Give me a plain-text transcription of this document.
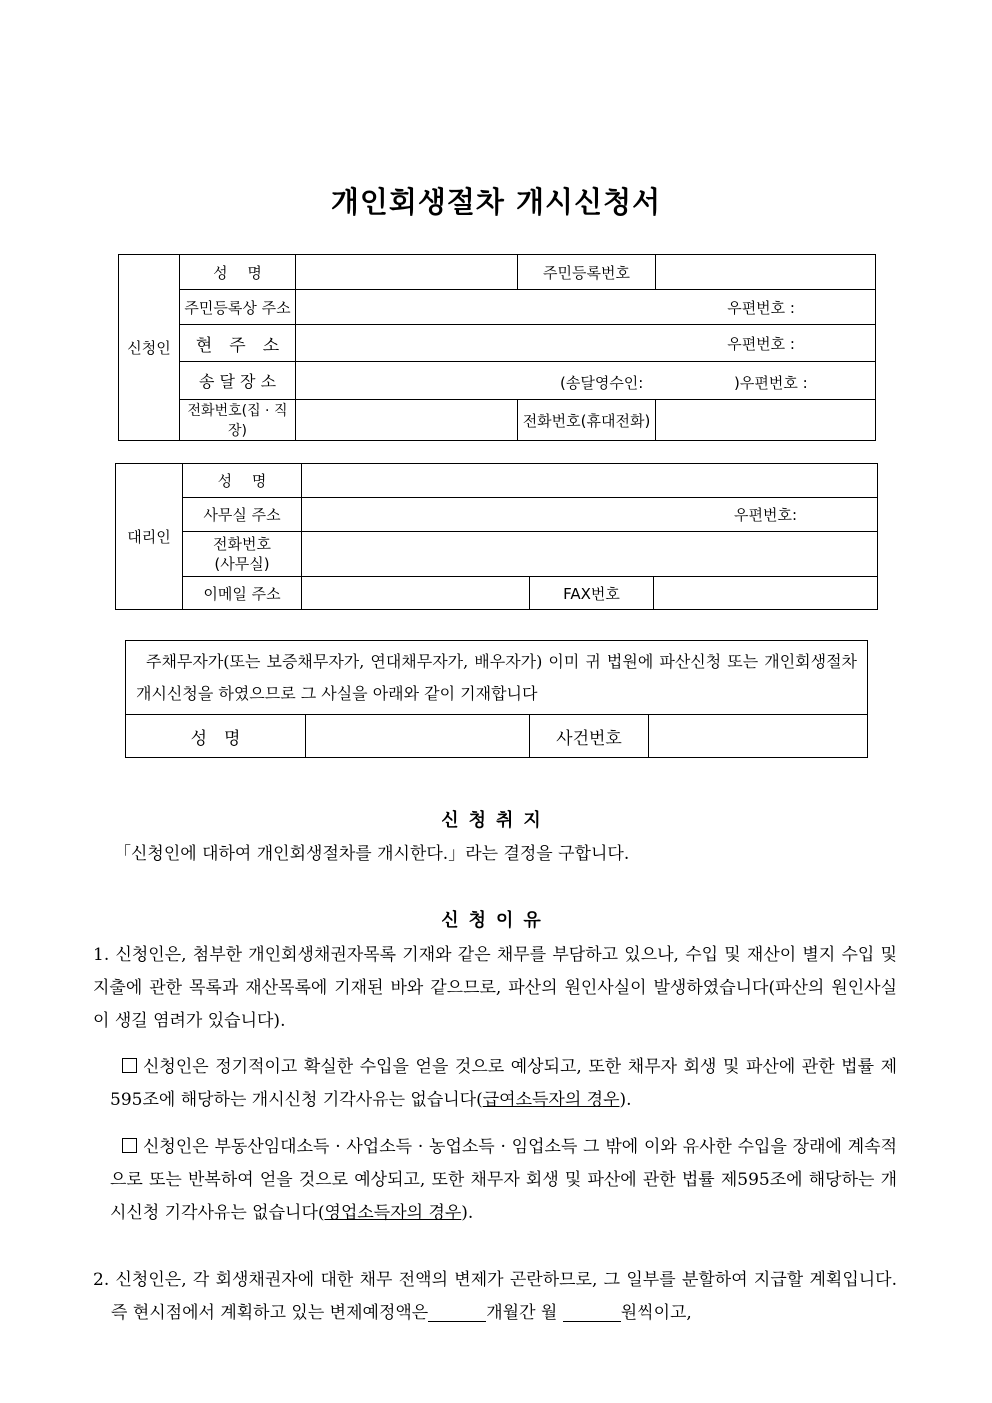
개인회생절차 개시신청서
신청인	성　 명		주민등록번호	
	주민등록상 주소	우편번호 :		

	현　주　소	우편번호 :		

	송 달 장 소	(송달영수인: )우편번호 :		

	전화번호(집 · 직장)		전화번호(휴대전화)	
대리인	성　 명			
	사무실 주소	우편번호:		

	전화번호
(사무실)			

	이메일 주소		FAX번호	
주채무자가(또는 보증채무자가, 연대채무자가, 배우자가) 이미 귀 법원에 파산신청 또는 개인회생절차 개시신청을 하였으므로 그 사실을 아래와 같이 기재합니다
성　명		사건번호	
신청취지
「신청인에 대하여 개인회생절차를 개시한다.」라는 결정을 구합니다.
신청이유
1. 신청인은, 첨부한 개인회생채권자목록 기재와 같은 채무를 부담하고 있으나, 수입 및 재산이 별지 수입 및 지출에 관한 목록과 재산목록에 기재된 바와 같으므로, 파산의 원인사실이 발생하였습니다(파산의 원인사실이 생길 염려가 있습니다).
신청인은 정기적이고 확실한 수입을 얻을 것으로 예상되고, 또한 채무자 회생 및 파산에 관한 법률 제595조에 해당하는 개시신청 기각사유는 없습니다(급여소득자의 경우).
신청인은 부동산임대소득 · 사업소득 · 농업소득 · 임업소득 그 밖에 이와 유사한 수입을 장래에 계속적으로 또는 반복하여 얻을 것으로 예상되고, 또한 채무자 회생 및 파산에 관한 법률 제595조에 해당하는 개시신청 기각사유는 없습니다(영업소득자의 경우).
2. 신청인은, 각 회생채권자에 대한 채무 전액의 변제가 곤란하므로, 그 일부를 분할하여 지급할 계획입니다. 즉 현시점에서 계획하고 있는 변제예정액은	개월간 월	원씩이고,
